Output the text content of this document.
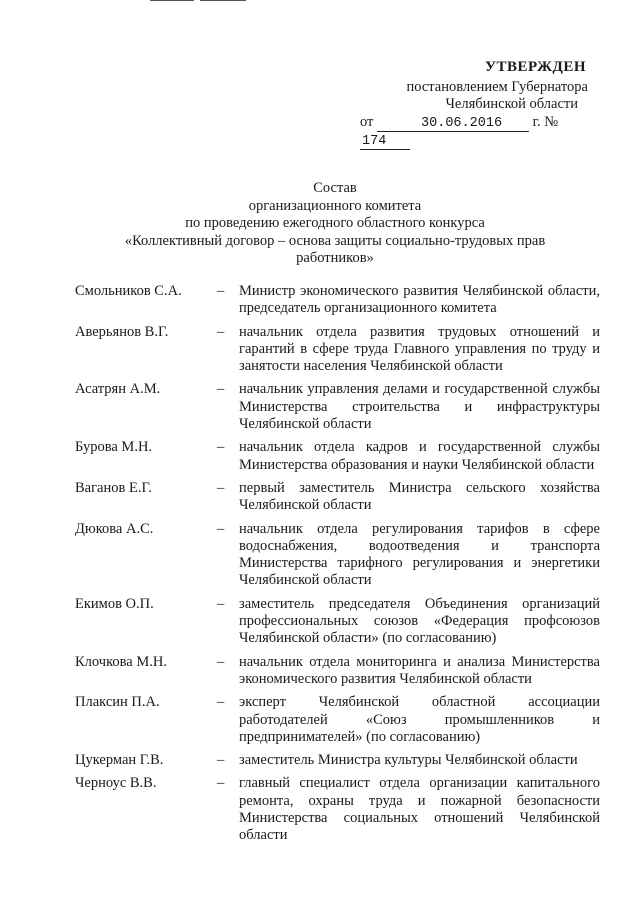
УТВЕРЖДЕН
постановлением Губернатора
Челябинской области
от	30.06.2016 г. № 174
Состав
организационного комитета
по проведению ежегодного областного конкурса
«Коллективный договор – основа защиты социально-трудовых прав
работников»
Смольников С.А.	–	Министр экономического развития Челябинской области, председатель организационного комитета
Аверьянов В.Г.	–	начальник отдела развития трудовых отношений и гарантий в сфере труда Главного управления по труду и занятости населения Челябинской области
Асатрян А.М.	–	начальник управления делами и государственной службы Министерства строительства и инфраструктуры Челябинской области
Бурова М.Н.	–	начальник отдела кадров и государственной службы Министерства образования и науки Челябинской области
Ваганов Е.Г.	–	первый заместитель Министра сельского хозяйства Челябинской области
Дюкова А.С.	–	начальник отдела регулирования тарифов в сфере водоснабжения, водоотведения и транспорта Министерства тарифного регулирования и энергетики Челябинской области
Екимов О.П.	–	заместитель председателя Объединения организаций профессиональных союзов «Федерация профсоюзов Челябинской области» (по согласованию)
Клочкова М.Н.	–	начальник отдела мониторинга и анализа Министерства экономического развития Челябинской области
Плаксин П.А.	–	эксперт Челябинской областной ассоциации работодателей «Союз промышленников и предпринимателей» (по согласованию)
Цукерман Г.В.	–	заместитель Министра культуры Челябинской области
Черноус В.В.	–	главный специалист отдела организации капитального ремонта, охраны труда и пожарной безопасности Министерства социальных отношений Челябинской области
